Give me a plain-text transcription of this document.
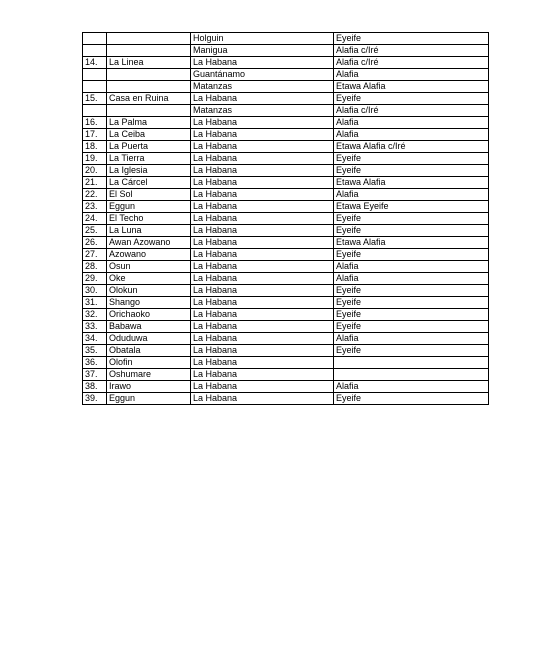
		Holguin	Eyeife
		Manigua	Alafia c/Iré
14.	La Linea	La Habana	Alafia c/Iré
		Guantánamo	Alafia
		Matanzas	Etawa Alafia
15.	Casa en Ruina	La Habana	Eyeife
		Matanzas	Alafia c/Iré
16.	La Palma	La Habana	Alafia
17.	La Ceiba	La Habana	Alafia
18.	La Puerta	La Habana	Etawa Alafia c/Iré
19.	La Tierra	La Habana	Eyeife
20.	La Iglesia	La Habana	Eyeife
21.	La Cárcel	La Habana	Etawa Alafia
22.	El Sol	La Habana	Alafia
23.	Eggun	La Habana	Etawa Eyeife
24.	El Techo	La Habana	Eyeife
25.	La Luna	La Habana	Eyeife
26.	Awan Azowano	La Habana	Etawa Alafia
27.	Azowano	La Habana	Eyeife
28.	Osun	La Habana	Alafia
29.	Oke	La Habana	Alafia
30.	Olokun	La Habana	Eyeife
31.	Shango	La Habana	Eyeife
32.	Orichaoko	La Habana	Eyeife
33.	Babawa	La Habana	Eyeife
34.	Oduduwa	La Habana	Alafia
35.	Obatala	La Habana	Eyeife
36.	Olofin	La Habana	
37.	Oshumare	La Habana	
38.	Irawo	La Habana	Alafia
39.	Eggun	La Habana	Eyeife
